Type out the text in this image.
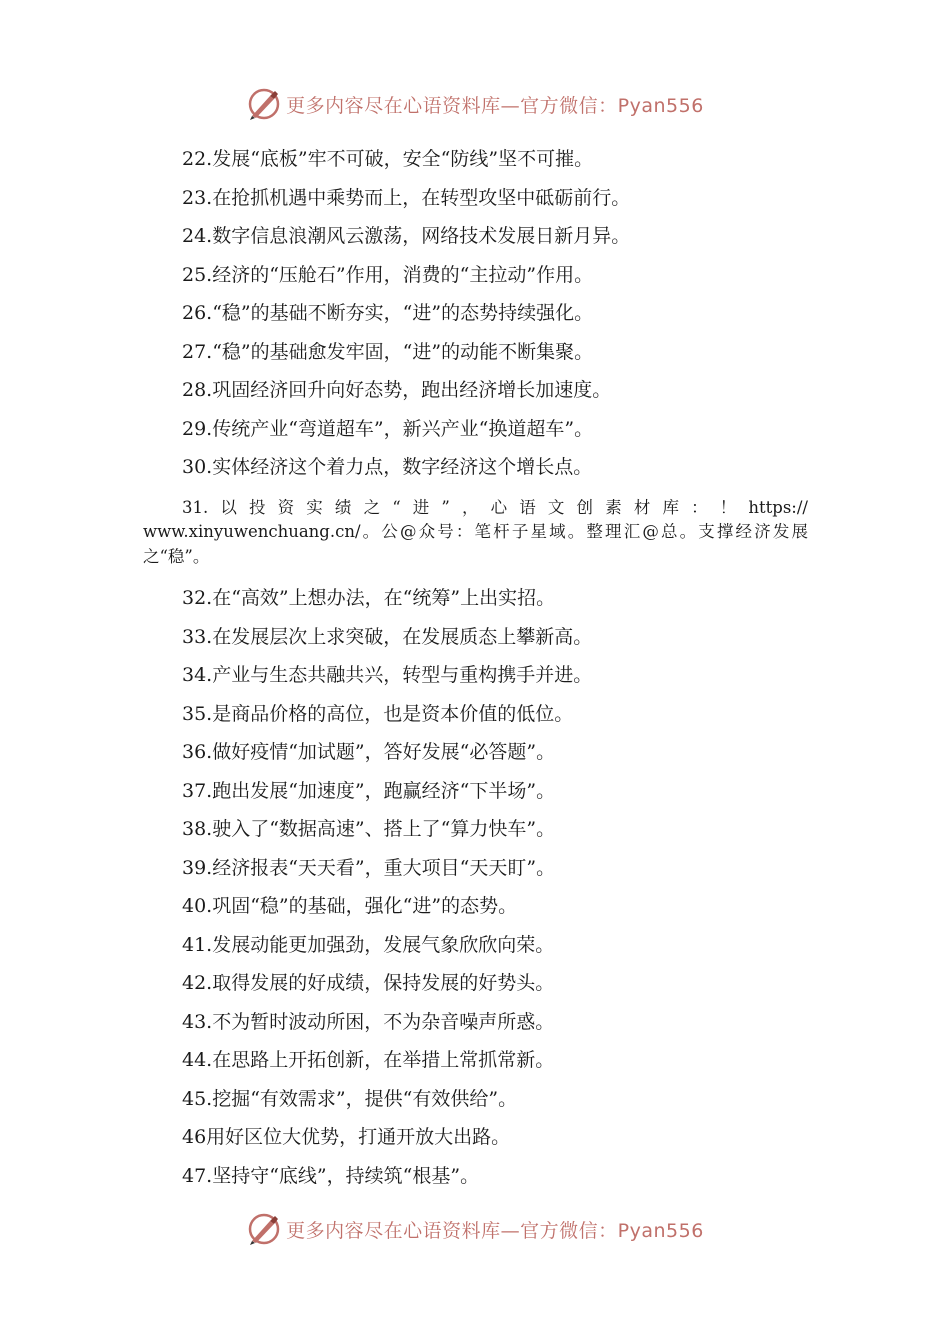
更多内容尽在心语资料库—官方微信：Pyan556
22.发展“底板”牢不可破，安全“防线”坚不可摧。
23.在抢抓机遇中乘势而上，在转型攻坚中砥砺前行。
24.数字信息浪潮风云激荡，网络技术发展日新月异。
25.经济的“压舱石”作用，消费的“主拉动”作用。
26.“稳”的基础不断夯实，“进”的态势持续强化。
27.“稳”的基础愈发牢固，“进”的动能不断集聚。
28.巩固经济回升向好态势，跑出经济增长加速度。
29.传统产业“弯道超车”，新兴产业“换道超车”。
30.实体经济这个着力点，数字经济这个增长点。
31.以投资实绩之“进”，心语文创素材库：！https://
www.xinyuwenchuang.cn/。公@众号：笔杆子星域。整理汇@总。支撑经济发展之“稳”。
32.在“高效”上想办法，在“统筹”上出实招。
33.在发展层次上求突破，在发展质态上攀新高。
34.产业与生态共融共兴，转型与重构携手并进。
35.是商品价格的高位，也是资本价值的低位。
36.做好疫情“加试题”，答好发展“必答题”。
37.跑出发展“加速度”，跑赢经济“下半场”。
38.驶入了“数据高速”、搭上了“算力快车”。
39.经济报表“天天看”，重大项目“天天盯”。
40.巩固“稳”的基础，强化“进”的态势。
41.发展动能更加强劲，发展气象欣欣向荣。
42.取得发展的好成绩，保持发展的好势头。
43.不为暂时波动所困，不为杂音噪声所惑。
44.在思路上开拓创新，在举措上常抓常新。
45.挖掘“有效需求”，提供“有效供给”。
46用好区位大优势，打通开放大出路。
47.坚持守“底线”，持续筑“根基”。
更多内容尽在心语资料库—官方微信：Pyan556
